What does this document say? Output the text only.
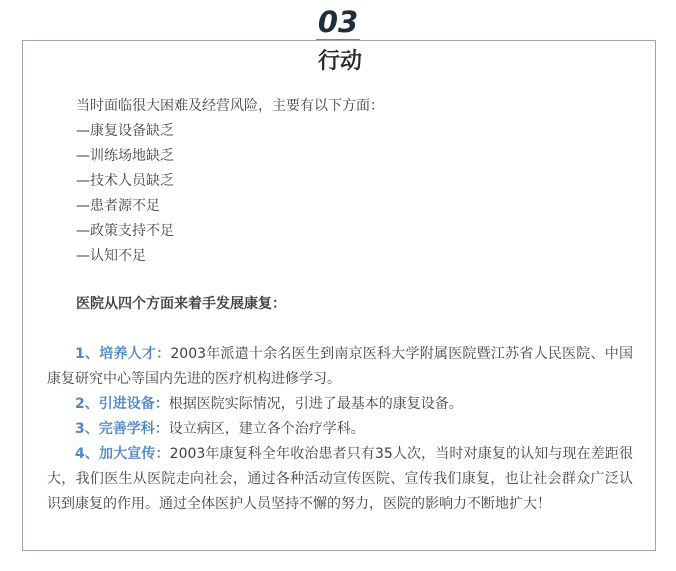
03
行动

当时面临很大困难及经营风险，主要有以下方面：

—康复设备缺乏

—训练场地缺乏

—技术人员缺乏

—患者源不足

—政策支持不足

—认知不足

医院从四个方面来着手发展康复：

1、培养人才：2003年派遣十余名医生到南京医科大学附属医院暨江苏省人民医院、中国康复研究中心等国内先进的医疗机构进修学习。

2、引进设备：根据医院实际情况，引进了最基本的康复设备。

3、完善学科：设立病区，建立各个治疗学科。

4、加大宣传：2003年康复科全年收治患者只有35人次，当时对康复的认知与现在差距很大，我们医生从医院走向社会，通过各种活动宣传医院、宣传我们康复，也让社会群众广泛认识到康复的作用。通过全体医护人员坚持不懈的努力，医院的影响力不断地扩大！
